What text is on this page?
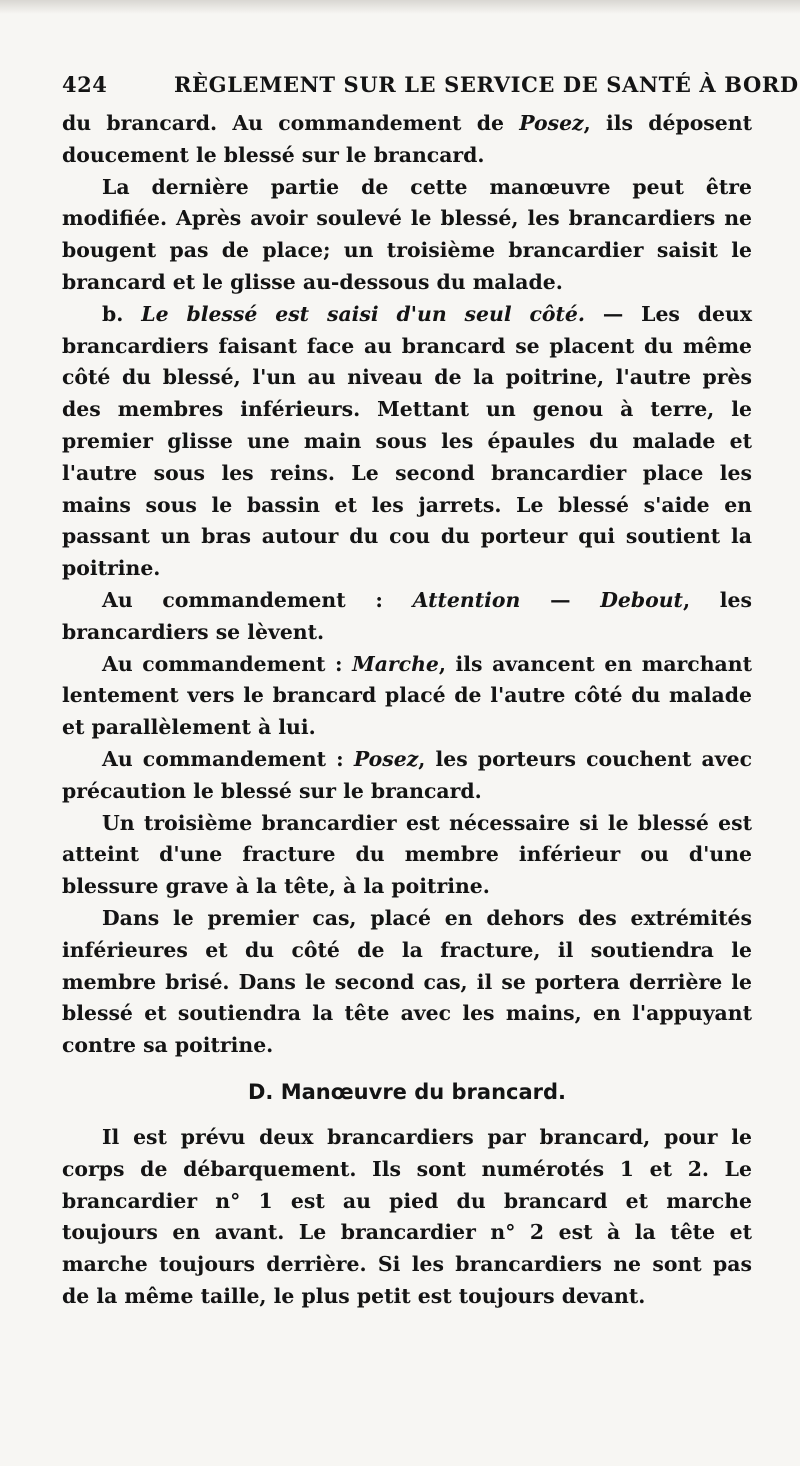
424	RÈGLEMENT SUR LE SERVICE DE SANTÉ À BORD

du brancard. Au commandement de Posez, ils déposent doucement le blessé sur le brancard.

La dernière partie de cette manœuvre peut être modifiée. Après avoir soulevé le blessé, les brancardiers ne bougent pas de place; un troisième brancardier saisit le brancard et le glisse au-dessous du malade.

b. Le blessé est saisi d'un seul côté. — Les deux brancardiers faisant face au brancard se placent du même côté du blessé, l'un au niveau de la poitrine, l'autre près des membres inférieurs. Mettant un genou à terre, le premier glisse une main sous les épaules du malade et l'autre sous les reins. Le second brancardier place les mains sous le bassin et les jarrets. Le blessé s'aide en passant un bras autour du cou du porteur qui soutient la poitrine.

Au commandement : Attention — Debout, les brancardiers se lèvent.

Au commandement : Marche, ils avancent en marchant lentement vers le brancard placé de l'autre côté du malade et parallèlement à lui.

Au commandement : Posez, les porteurs couchent avec précaution le blessé sur le brancard.

Un troisième brancardier est nécessaire si le blessé est atteint d'une fracture du membre inférieur ou d'une blessure grave à la tête, à la poitrine.

Dans le premier cas, placé en dehors des extrémités inférieures et du côté de la fracture, il soutiendra le membre brisé. Dans le second cas, il se portera derrière le blessé et soutiendra la tête avec les mains, en l'appuyant contre sa poitrine.

D. Manœuvre du brancard.

Il est prévu deux brancardiers par brancard, pour le corps de débarquement. Ils sont numérotés 1 et 2. Le brancardier n° 1 est au pied du brancard et marche toujours en avant. Le brancardier n° 2 est à la tête et marche toujours derrière. Si les brancardiers ne sont pas de la même taille, le plus petit est toujours devant.
